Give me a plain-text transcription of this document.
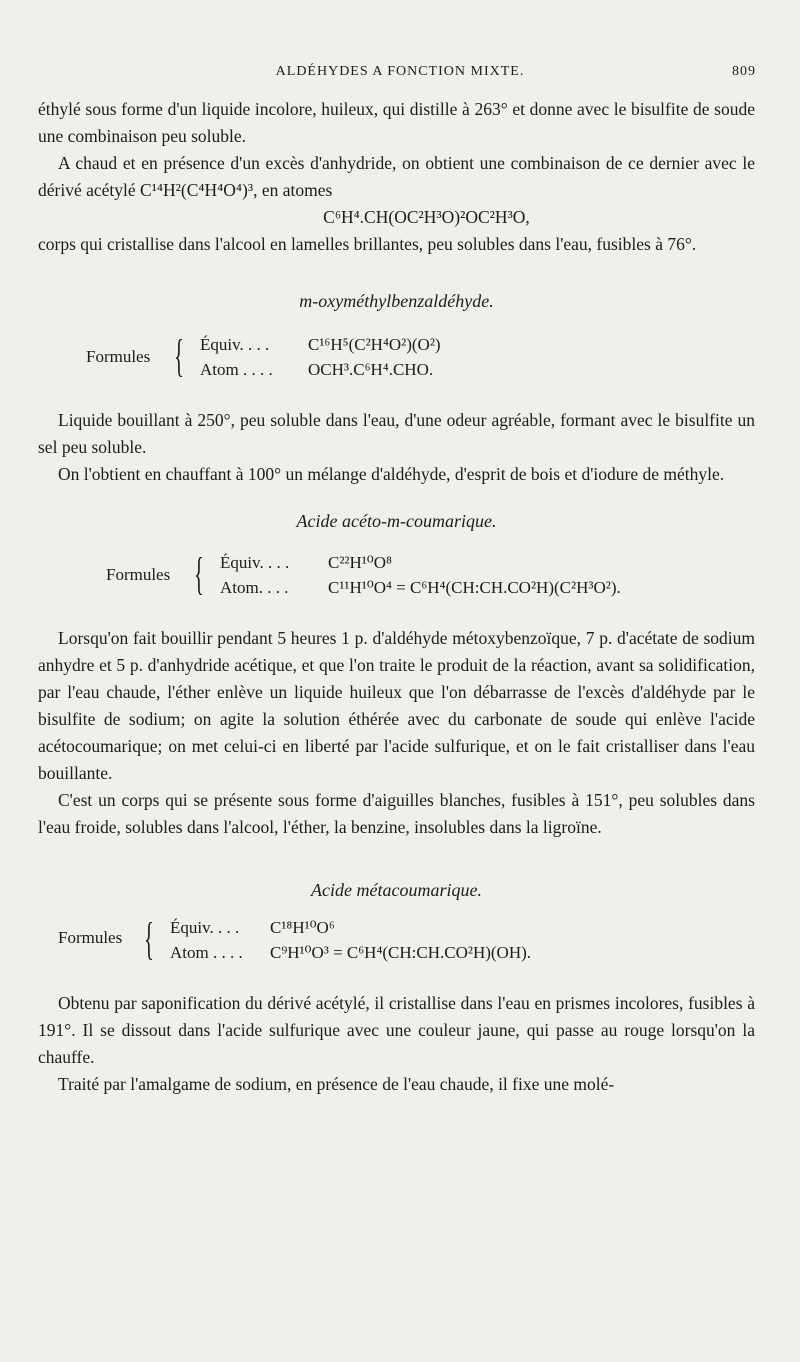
ALDÉHYDES A FONCTION MIXTE.	809

éthylé sous forme d'un liquide incolore, huileux, qui distille à 263° et donne avec le bisulfite de soude une combinaison peu soluble.

A chaud et en présence d'un excès d'anhydride, on obtient une combinaison de ce dernier avec le dérivé acétylé C¹⁴H²(C⁴H⁴O⁴)³, en atomes

C⁶H⁴.CH(OC²H³O)²OC²H³O,

corps qui cristallise dans l'alcool en lamelles brillantes, peu solubles dans l'eau, fusibles à 76°.

m-oxyméthylbenzaldéhyde.
Formules { Équiv. . . . C¹⁶H⁵(C²H⁴O²)(O²)
Atom . . . . OCH³.C⁶H⁴.CHO.

Liquide bouillant à 250°, peu soluble dans l'eau, d'une odeur agréable, formant avec le bisulfite un sel peu soluble.

On l'obtient en chauffant à 100° un mélange d'aldéhyde, d'esprit de bois et d'iodure de méthyle.

Acide acéto-m-coumarique.
Formules { Équiv. . . . C²²H¹⁰O⁸
Atom. . . . C¹¹H¹⁰O⁴ = C⁶H⁴(CH:CH.CO²H)(C²H³O²).

Lorsqu'on fait bouillir pendant 5 heures 1 p. d'aldéhyde métoxybenzoïque, 7 p. d'acétate de sodium anhydre et 5 p. d'anhydride acétique, et que l'on traite le produit de la réaction, avant sa solidification, par l'eau chaude, l'éther enlève un liquide huileux que l'on débarrasse de l'excès d'aldéhyde par le bisulfite de sodium; on agite la solution éthérée avec du carbonate de soude qui enlève l'acide acétocoumarique; on met celui-ci en liberté par l'acide sulfurique, et on le fait cristalliser dans l'eau bouillante.

C'est un corps qui se présente sous forme d'aiguilles blanches, fusibles à 151°, peu solubles dans l'eau froide, solubles dans l'alcool, l'éther, la benzine, insolubles dans la ligroïne.

Acide métacoumarique.
Formules { Équiv. . . . C¹⁸H¹⁰O⁶
Atom . . . . C⁹H¹⁰O³ = C⁶H⁴(CH:CH.CO²H)(OH).

Obtenu par saponification du dérivé acétylé, il cristallise dans l'eau en prismes incolores, fusibles à 191°. Il se dissout dans l'acide sulfurique avec une couleur jaune, qui passe au rouge lorsqu'on la chauffe.

Traité par l'amalgame de sodium, en présence de l'eau chaude, il fixe une molé-
